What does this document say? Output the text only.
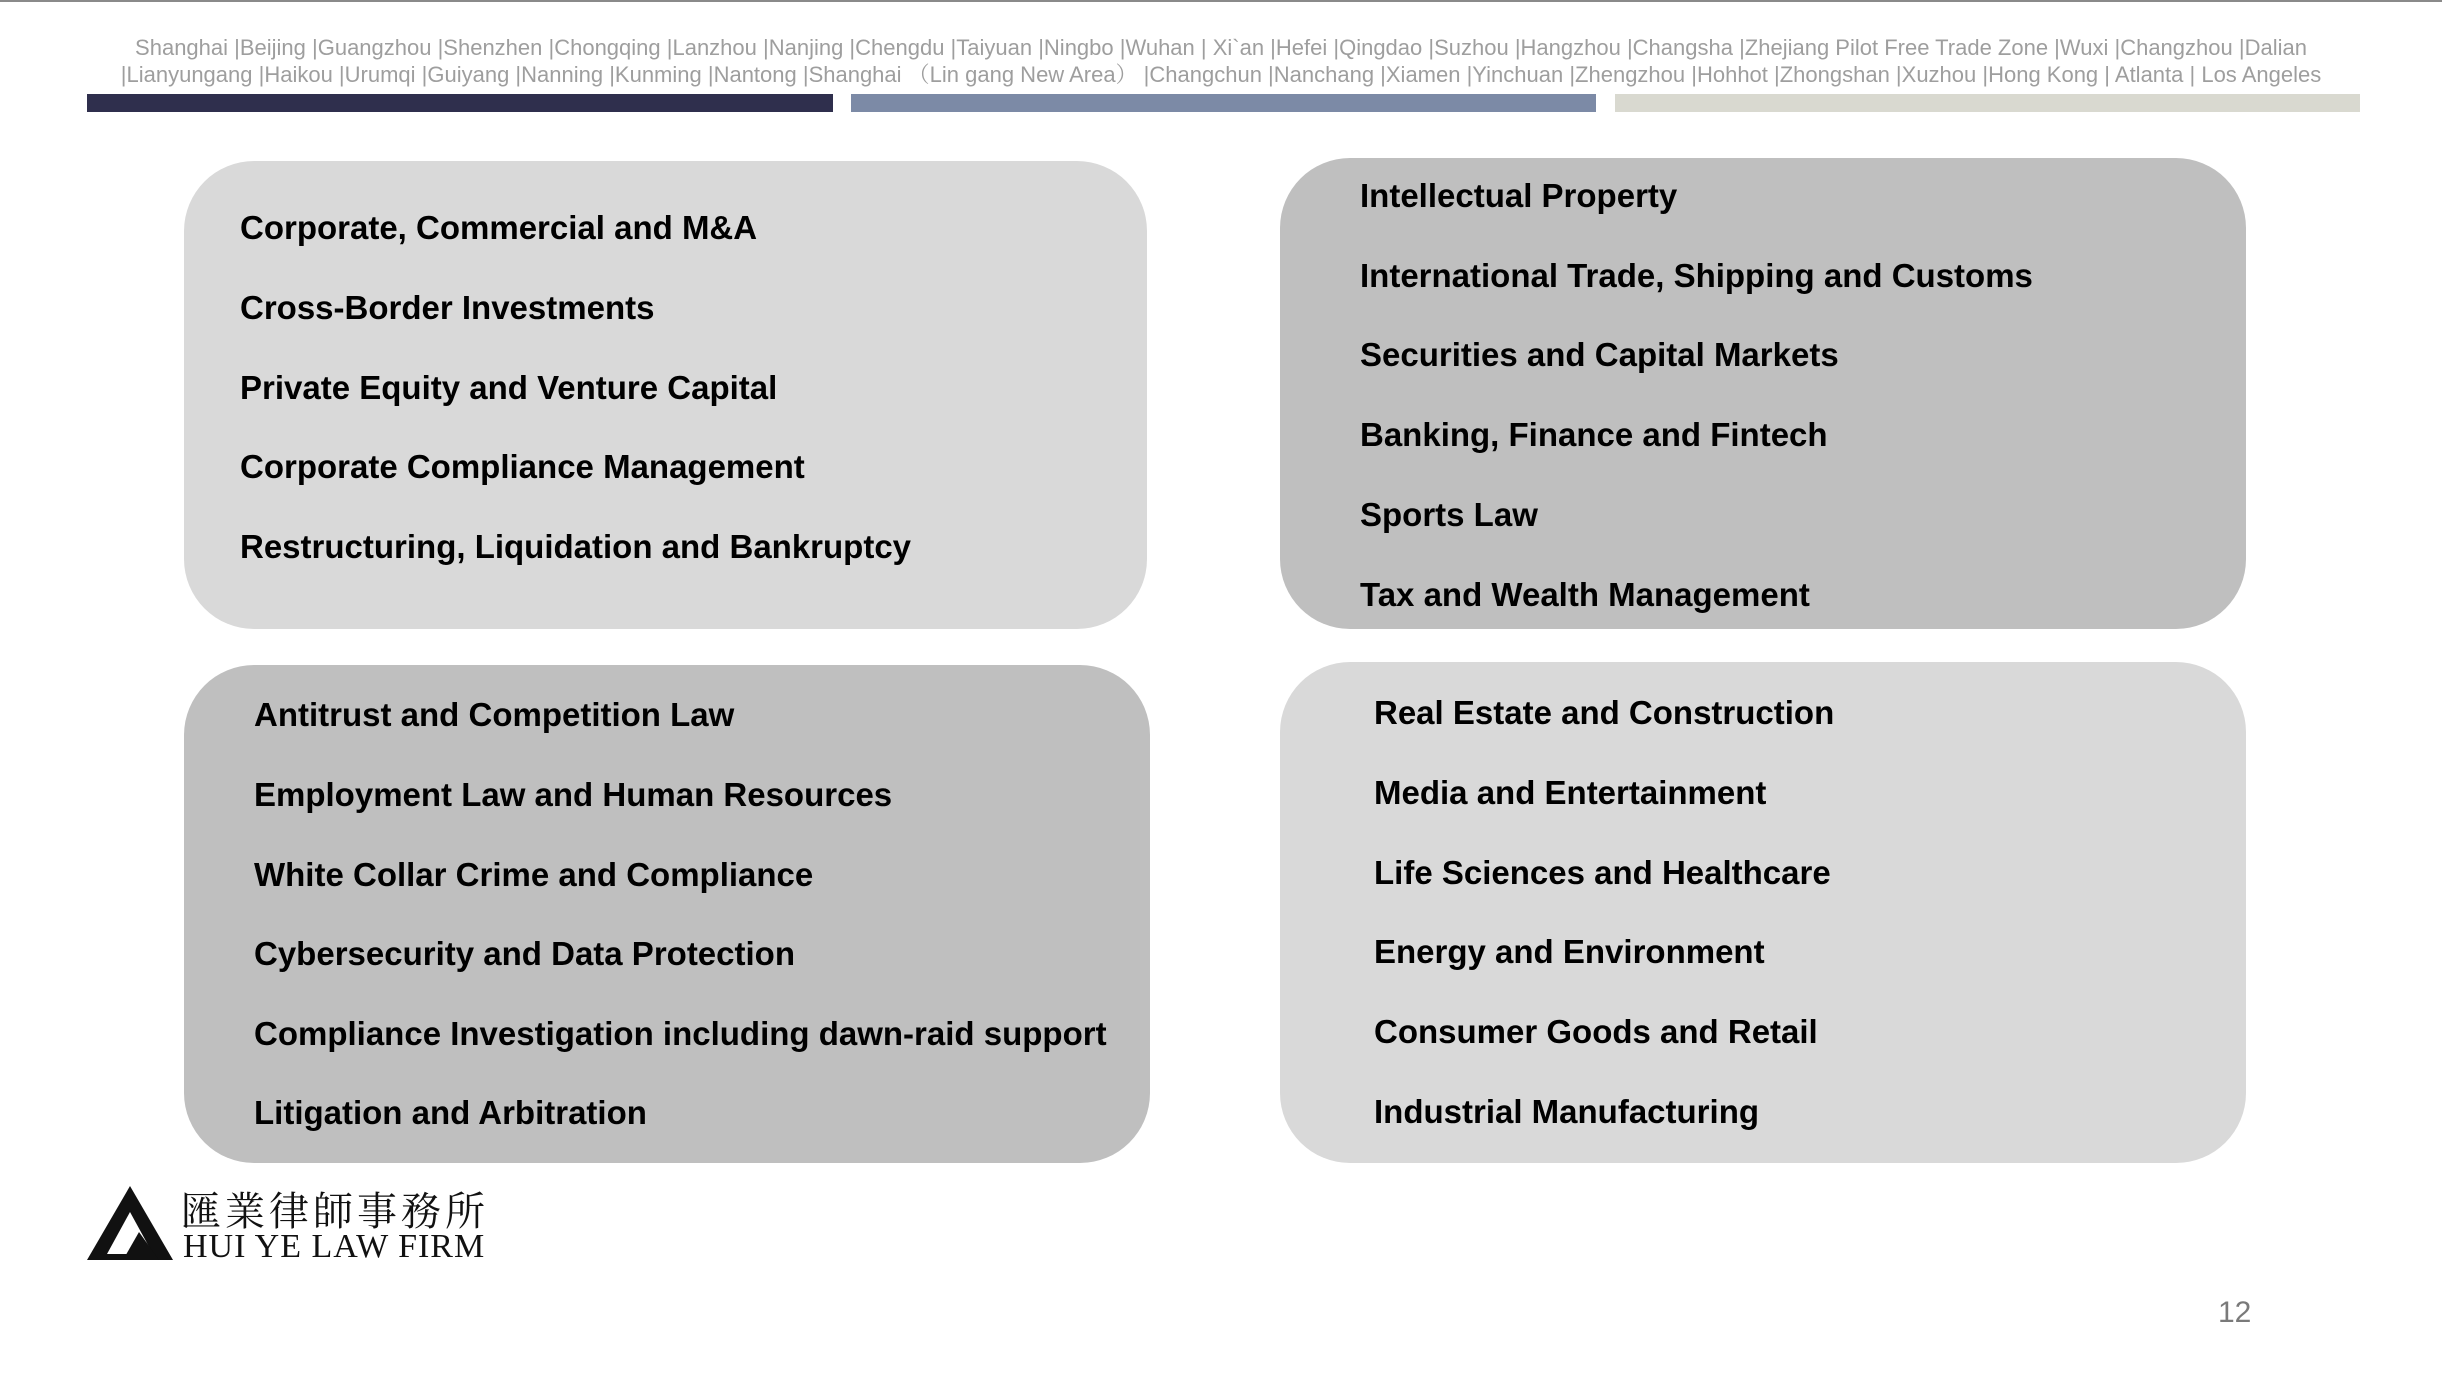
Shanghai |Beijing |Guangzhou |Shenzhen |Chongqing |Lanzhou |Nanjing |Chengdu |Taiyuan |Ningbo |Wuhan | Xi`an |Hefei |Qingdao |Suzhou |Hangzhou |Changsha |Zhejiang Pilot Free Trade Zone |Wuxi |Changzhou |Dalian
|Lianyungang |Haikou |Urumqi |Guiyang |Nanning |Kunming |Nantong |Shanghai （Lin gang New Area） |Changchun |Nanchang |Xiamen |Yinchuan |Zhengzhou |Hohhot |Zhongshan |Xuzhou |Hong Kong | Atlanta | Los Angeles
Corporate, Commercial and M&A
Cross-Border Investments
Private Equity and Venture Capital
Corporate Compliance Management
Restructuring, Liquidation and Bankruptcy
Intellectual Property
International Trade, Shipping and Customs
Securities and Capital Markets
Banking, Finance and Fintech
Sports Law
Tax and Wealth Management
Antitrust and Competition Law
Employment Law and Human Resources
White Collar Crime and Compliance
Cybersecurity and Data Protection
Compliance Investigation including dawn-raid support
Litigation and Arbitration
Real Estate and Construction
Media and Entertainment
Life Sciences and Healthcare
Energy and Environment
Consumer Goods and Retail
Industrial Manufacturing
匯業律師事務所
HUI YE LAW FIRM
12
